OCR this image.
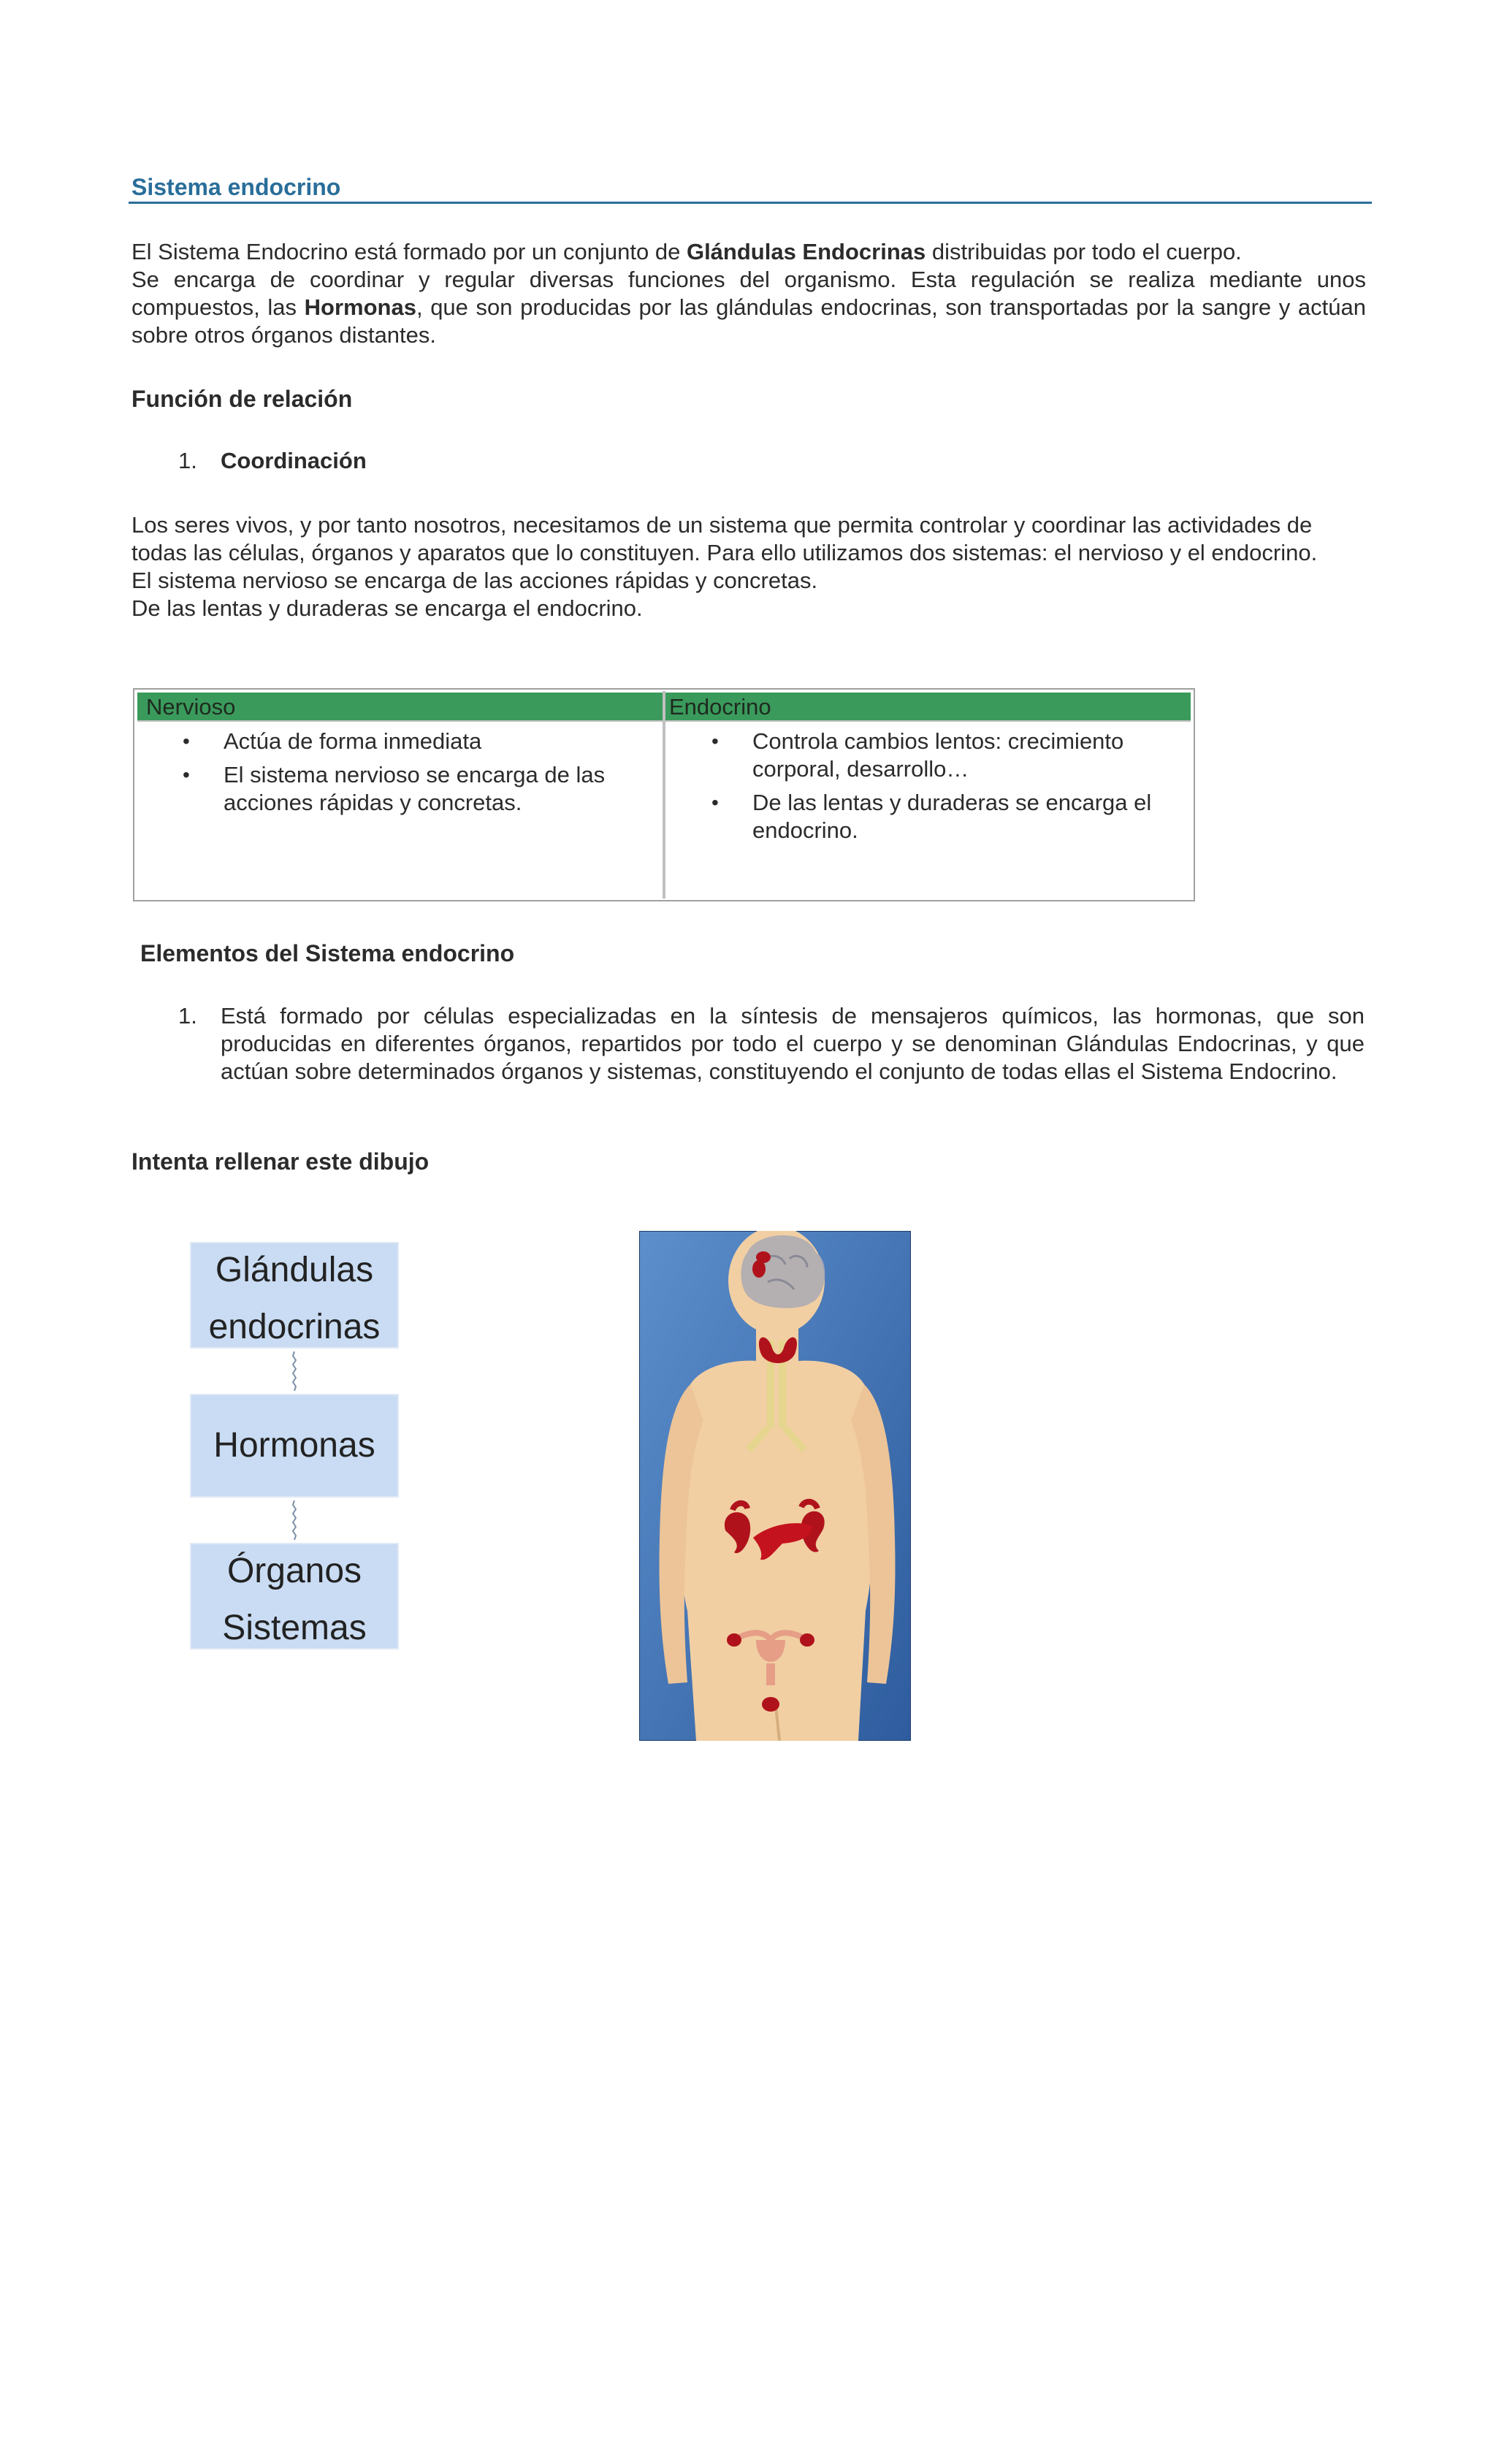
Sistema endocrino

El Sistema Endocrino está formado por un conjunto de Glándulas Endocrinas distribuidas por todo el cuerpo.
Se encarga de coordinar y regular diversas funciones del organismo. Esta regulación se realiza mediante unos compuestos, las Hormonas, que son producidas por las glándulas endocrinas, son transportadas por la sangre y actúan sobre otros órganos distantes.

Función de relación
1. Coordinación

Los seres vivos, y por tanto nosotros, necesitamos de un sistema que permita controlar y coordinar las actividades de todas las células, órganos y aparatos que lo constituyen. Para ello utilizamos dos sistemas: el nervioso y el endocrino.
El sistema nervioso se encarga de las acciones rápidas y concretas.
De las lentas y duraderas se encarga el endocrino.

Nervioso	Endocrino
• Actúa de forma inmediata
• El sistema nervioso se encarga de las acciones rápidas y concretas.
• Controla cambios lentos: crecimiento corporal, desarrollo…
• De las lentas y duraderas se encarga el endocrino.
Elementos del Sistema endocrino
1. Está formado por células especializadas en la síntesis de mensajeros químicos, las hormonas, que son producidas en diferentes órganos, repartidos por todo el cuerpo y se denominan Glándulas Endocrinas, y que actúan sobre determinados órganos y sistemas, constituyendo el conjunto de todas ellas el Sistema Endocrino.
Intenta rellenar este dibujo
Glándulas
endocrinas
Hormonas
Órganos
Sistemas
